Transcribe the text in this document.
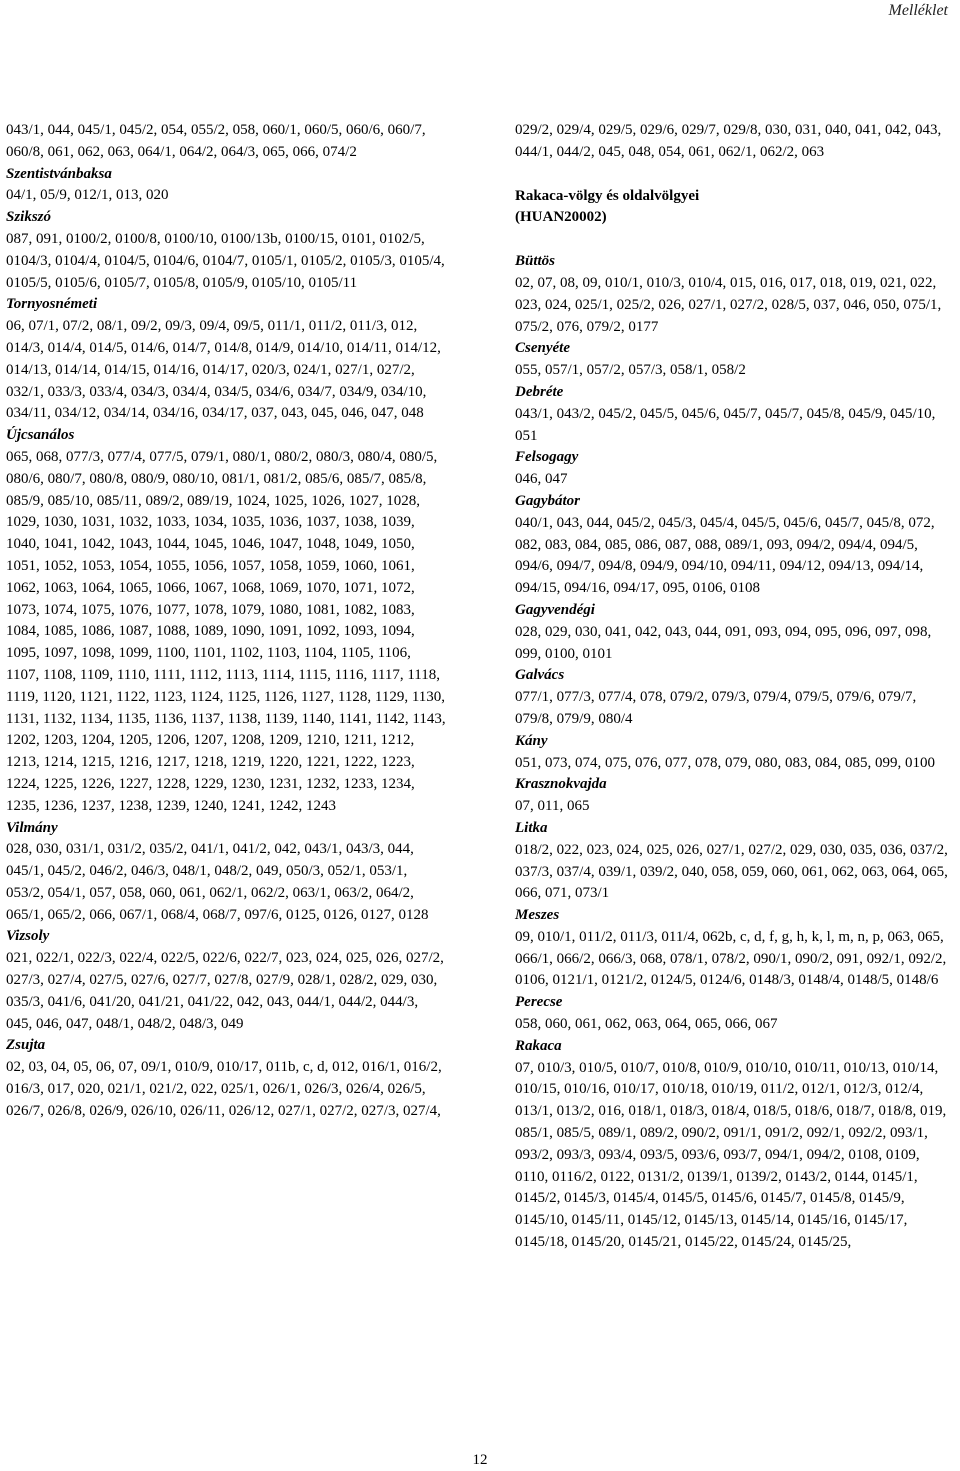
Melléklet
043/1, 044, 045/1, 045/2, 054, 055/2, 058, 060/1, 060/5, 060/6, 060/7, 060/8, 061, 062, 063, 064/1, 064/2, 064/3, 065, 066, 074/2
Szentistvánbaksa
04/1, 05/9, 012/1, 013, 020
Szikszó
087, 091, 0100/2, 0100/8, 0100/10, 0100/13b, 0100/15, 0101, 0102/5, 0104/3, 0104/4, 0104/5, 0104/6, 0104/7, 0105/1, 0105/2, 0105/3, 0105/4, 0105/5, 0105/6, 0105/7, 0105/8, 0105/9, 0105/10, 0105/11
Tornyosnémeti
06, 07/1, 07/2, 08/1, 09/2, 09/3, 09/4, 09/5, 011/1, 011/2, 011/3, 012, 014/3, 014/4, 014/5, 014/6, 014/7, 014/8, 014/9, 014/10, 014/11, 014/12, 014/13, 014/14, 014/15, 014/16, 014/17, 020/3, 024/1, 027/1, 027/2, 032/1, 033/3, 033/4, 034/3, 034/4, 034/5, 034/6, 034/7, 034/9, 034/10, 034/11, 034/12, 034/14, 034/16, 034/17, 037, 043, 045, 046, 047, 048
Újcsanálos
065, 068, 077/3, 077/4, 077/5, 079/1, 080/1, 080/2, 080/3, 080/4, 080/5, 080/6, 080/7, 080/8, 080/9, 080/10, 081/1, 081/2, 085/6, 085/7, 085/8, 085/9, 085/10, 085/11, 089/2, 089/19, 1024, 1025, 1026, 1027, 1028, 1029, 1030, 1031, 1032, 1033, 1034, 1035, 1036, 1037, 1038, 1039, 1040, 1041, 1042, 1043, 1044, 1045, 1046, 1047, 1048, 1049, 1050, 1051, 1052, 1053, 1054, 1055, 1056, 1057, 1058, 1059, 1060, 1061, 1062, 1063, 1064, 1065, 1066, 1067, 1068, 1069, 1070, 1071, 1072, 1073, 1074, 1075, 1076, 1077, 1078, 1079, 1080, 1081, 1082, 1083, 1084, 1085, 1086, 1087, 1088, 1089, 1090, 1091, 1092, 1093, 1094, 1095, 1097, 1098, 1099, 1100, 1101, 1102, 1103, 1104, 1105, 1106, 1107, 1108, 1109, 1110, 1111, 1112, 1113, 1114, 1115, 1116, 1117, 1118, 1119, 1120, 1121, 1122, 1123, 1124, 1125, 1126, 1127, 1128, 1129, 1130, 1131, 1132, 1134, 1135, 1136, 1137, 1138, 1139, 1140, 1141, 1142, 1143, 1202, 1203, 1204, 1205, 1206, 1207, 1208, 1209, 1210, 1211, 1212, 1213, 1214, 1215, 1216, 1217, 1218, 1219, 1220, 1221, 1222, 1223, 1224, 1225, 1226, 1227, 1228, 1229, 1230, 1231, 1232, 1233, 1234, 1235, 1236, 1237, 1238, 1239, 1240, 1241, 1242, 1243
Vilmány
028, 030, 031/1, 031/2, 035/2, 041/1, 041/2, 042, 043/1, 043/3, 044, 045/1, 045/2, 046/2, 046/3, 048/1, 048/2, 049, 050/3, 052/1, 053/1, 053/2, 054/1, 057, 058, 060, 061, 062/1, 062/2, 063/1, 063/2, 064/2, 065/1, 065/2, 066, 067/1, 068/4, 068/7, 097/6, 0125, 0126, 0127, 0128
Vizsoly
021, 022/1, 022/3, 022/4, 022/5, 022/6, 022/7, 023, 024, 025, 026, 027/2, 027/3, 027/4, 027/5, 027/6, 027/7, 027/8, 027/9, 028/1, 028/2, 029, 030, 035/3, 041/6, 041/20, 041/21, 041/22, 042, 043, 044/1, 044/2, 044/3, 045, 046, 047, 048/1, 048/2, 048/3, 049
Zsujta
02, 03, 04, 05, 06, 07, 09/1, 010/9, 010/17, 011b, c, d, 012, 016/1, 016/2, 016/3, 017, 020, 021/1, 021/2, 022, 025/1, 026/1, 026/3, 026/4, 026/5, 026/7, 026/8, 026/9, 026/10, 026/11, 026/12, 027/1, 027/2, 027/3, 027/4,
029/2, 029/4, 029/5, 029/6, 029/7, 029/8, 030, 031, 040, 041, 042, 043, 044/1, 044/2, 045, 048, 054, 061, 062/1, 062/2, 063
Rakaca-völgy és oldalvölgyei
(HUAN20002)
Büttös
02, 07, 08, 09, 010/1, 010/3, 010/4, 015, 016, 017, 018, 019, 021, 022, 023, 024, 025/1, 025/2, 026, 027/1, 027/2, 028/5, 037, 046, 050, 075/1, 075/2, 076, 079/2, 0177
Csenyéte
055, 057/1, 057/2, 057/3, 058/1, 058/2
Debréte
043/1, 043/2, 045/2, 045/5, 045/6, 045/7, 045/7, 045/8, 045/9, 045/10, 051
Felsogagy
046, 047
Gagybátor
040/1, 043, 044, 045/2, 045/3, 045/4, 045/5, 045/6, 045/7, 045/8, 072, 082, 083, 084, 085, 086, 087, 088, 089/1, 093, 094/2, 094/4, 094/5, 094/6, 094/7, 094/8, 094/9, 094/10, 094/11, 094/12, 094/13, 094/14, 094/15, 094/16, 094/17, 095, 0106, 0108
Gagyvendégi
028, 029, 030, 041, 042, 043, 044, 091, 093, 094, 095, 096, 097, 098, 099, 0100, 0101
Galvács
077/1, 077/3, 077/4, 078, 079/2, 079/3, 079/4, 079/5, 079/6, 079/7, 079/8, 079/9, 080/4
Kány
051, 073, 074, 075, 076, 077, 078, 079, 080, 083, 084, 085, 099, 0100
Krasznokvajda
07, 011, 065
Litka
018/2, 022, 023, 024, 025, 026, 027/1, 027/2, 029, 030, 035, 036, 037/2, 037/3, 037/4, 039/1, 039/2, 040, 058, 059, 060, 061, 062, 063, 064, 065, 066, 071, 073/1
Meszes
09, 010/1, 011/2, 011/3, 011/4, 062b, c, d, f, g, h, k, l, m, n, p, 063, 065, 066/1, 066/2, 066/3, 068, 078/1, 078/2, 090/1, 090/2, 091, 092/1, 092/2, 0106, 0121/1, 0121/2, 0124/5, 0124/6, 0148/3, 0148/4, 0148/5, 0148/6
Perecse
058, 060, 061, 062, 063, 064, 065, 066, 067
Rakaca
07, 010/3, 010/5, 010/7, 010/8, 010/9, 010/10, 010/11, 010/13, 010/14, 010/15, 010/16, 010/17, 010/18, 010/19, 011/2, 012/1, 012/3, 012/4, 013/1, 013/2, 016, 018/1, 018/3, 018/4, 018/5, 018/6, 018/7, 018/8, 019, 085/1, 085/5, 089/1, 089/2, 090/2, 091/1, 091/2, 092/1, 092/2, 093/1, 093/2, 093/3, 093/4, 093/5, 093/6, 093/7, 094/1, 094/2, 0108, 0109, 0110, 0116/2, 0122, 0131/2, 0139/1, 0139/2, 0143/2, 0144, 0145/1, 0145/2, 0145/3, 0145/4, 0145/5, 0145/6, 0145/7, 0145/8, 0145/9, 0145/10, 0145/11, 0145/12, 0145/13, 0145/14, 0145/16, 0145/17, 0145/18, 0145/20, 0145/21, 0145/22, 0145/24, 0145/25,
12
